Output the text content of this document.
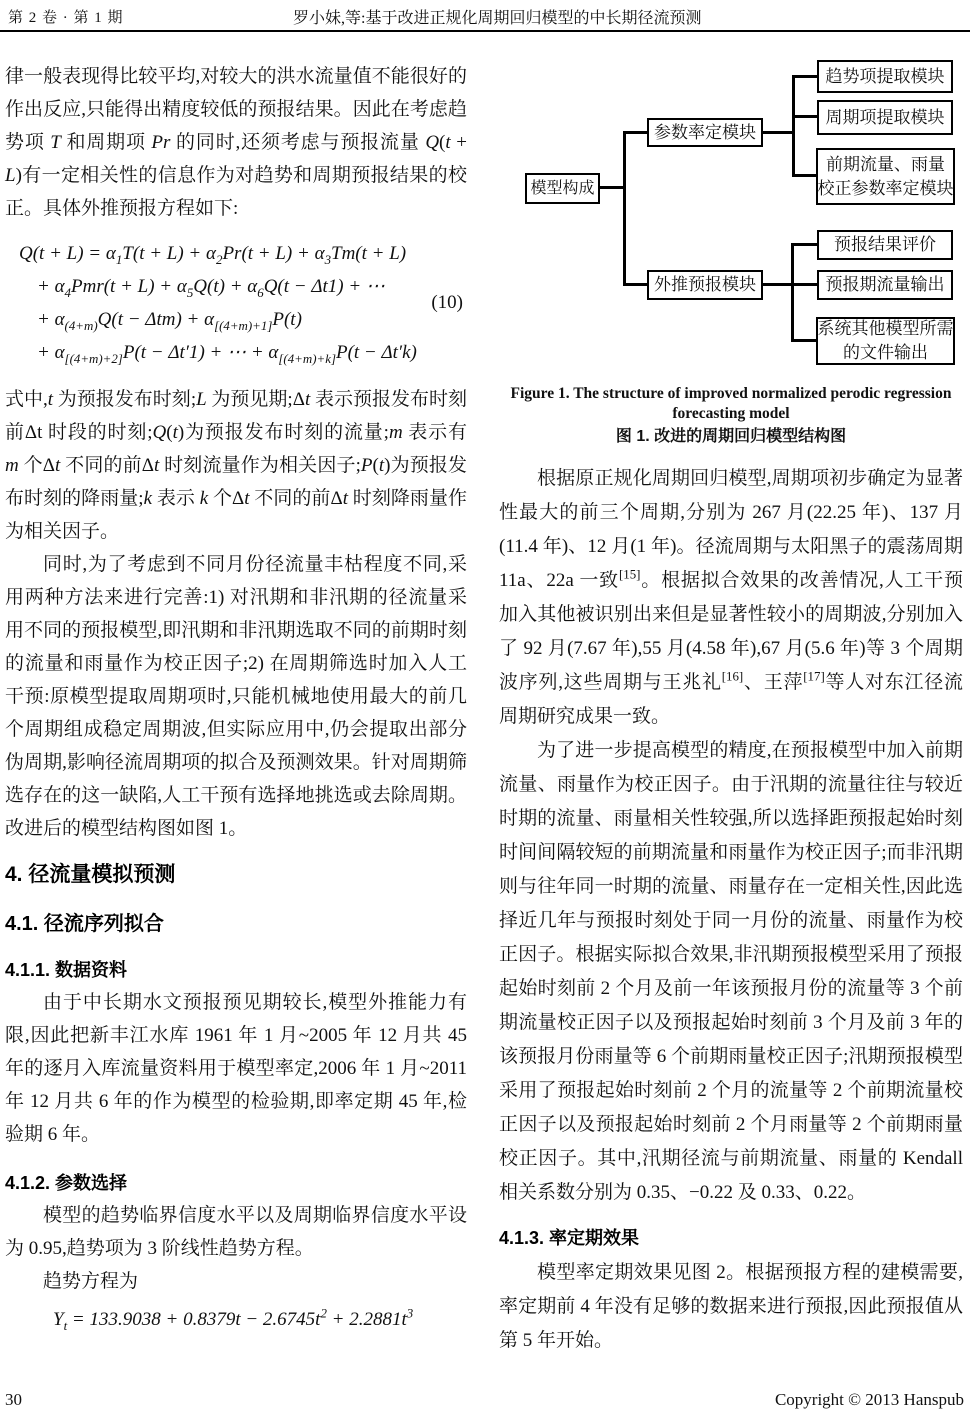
第 2 卷 · 第 1 期	罗小妹,等:基于改进正规化周期回归模型的中长期径流预测

律一般表现得比较平均,对较大的洪水流量值不能很好的作出反应,只能得出精度较低的预报结果。因此在考虑趋势项 T 和周期项 Pr 的同时,还须考虑与预报流量 Q(t + L)有一定相关性的信息作为对趋势和周期预报结果的校正。具体外推预报方程如下:

$Q(t + L) = \alpha_1T(t + L) + \alpha_2Pr(t + L) + \alpha_3Tm(t + L)$
+ $\alpha_4Pmr(t + L) + \alpha_5Q(t) + \alpha_6Q(t - \Delta t1)$ + ⋯
+ $\alpha_{(4+m)}Q(t - \Delta tm) + \alpha_{[(4+m)+1]}P(t)$
+ $\alpha_{[(4+m)+2]}P(t - \Delta t'1)$ + ⋯ + $\alpha_{[(4+m)+k]}P(t - \Delta t'k)$
(10)

式中,t 为预报发布时刻;L 为预见期;Δt 表示预报发布时刻前Δt 时段的时刻;Q(t)为预报发布时刻的流量;m 表示有 m 个Δt 不同的前Δt 时刻流量作为相关因子;P(t)为预报发布时刻的降雨量;k 表示 k 个Δt 不同的前Δt 时刻降雨量作为相关因子。

同时,为了考虑到不同月份径流量丰枯程度不同,采用两种方法来进行完善:1) 对汛期和非汛期的径流量采用不同的预报模型,即汛期和非汛期选取不同的前期时刻的流量和雨量作为校正因子;2) 在周期筛选时加入人工干预:原模型提取周期项时,只能机械地使用最大的前几个周期组成稳定周期波,但实际应用中,仍会提取出部分伪周期,影响径流周期项的拟合及预测效果。针对周期筛选存在的这一缺陷,人工干预有选择地挑选或去除周期。改进后的模型结构图如图 1。

4. 径流量模拟预测
4.1. 径流序列拟合
4.1.1. 数据资料

由于中长期水文预报预见期较长,模型外推能力有限,因此把新丰江水库 1961 年 1 月~2005 年 12 月共 45 年的逐月入库流量资料用于模型率定,2006 年 1 月~2011 年 12 月共 6 年的作为模型的检验期,即率定期 45 年,检验期 6 年。

4.1.2. 参数选择

模型的趋势临界信度水平以及周期临界信度水平设为 0.95,趋势项为 3 阶线性趋势方程。

趋势方程为

$Y_t = 133.9038 + 0.8379t - 2.6745t^2 + 2.2881t^3$
模型构成
参数率定模块
外推预报模块
趋势项提取模块
周期项提取模块
前期流量、雨量
校正参数率定模块
预报结果评价
预报期流量输出
系统其他模型所需
的文件输出
Figure 1. The structure of improved normalized perodic regression
forecasting model
图 1. 改进的周期回归模型结构图

根据原正规化周期回归模型,周期项初步确定为显著性最大的前三个周期,分别为 267 月(22.25 年)、137 月(11.4 年)、12 月(1 年)。径流周期与太阳黑子的震荡周期 11a、22a 一致[15]。根据拟合效果的改善情况,人工干预加入其他被识别出来但是显著性较小的周期波,分别加入了 92 月(7.67 年),55 月(4.58 年),67 月(5.6 年)等 3 个周期波序列,这些周期与王兆礼[16]、王萍[17]等人对东江径流周期研究成果一致。

为了进一步提高模型的精度,在预报模型中加入前期流量、雨量作为校正因子。由于汛期的流量往往与较近时期的流量、雨量相关性较强,所以选择距预报起始时刻时间间隔较短的前期流量和雨量作为校正因子;而非汛期则与往年同一时期的流量、雨量存在一定相关性,因此选择近几年与预报时刻处于同一月份的流量、雨量作为校正因子。根据实际拟合效果,非汛期预报模型采用了预报起始时刻前 2 个月及前一年该预报月份的流量等 3 个前期流量校正因子以及预报起始时刻前 3 个月及前 3 年的该预报月份雨量等 6 个前期雨量校正因子;汛期预报模型采用了预报起始时刻前 2 个月的流量等 2 个前期流量校正因子以及预报起始时刻前 2 个月雨量等 2 个前期雨量校正因子。其中,汛期径流与前期流量、雨量的 Kendall 相关系数分别为 0.35、−0.22 及 0.33、0.22。

4.1.3. 率定期效果

模型率定期效果见图 2。根据预报方程的建模需要,率定期前 4 年没有足够的数据来进行预报,因此预报值从第 5 年开始。

30	Copyright © 2013 Hanspub
